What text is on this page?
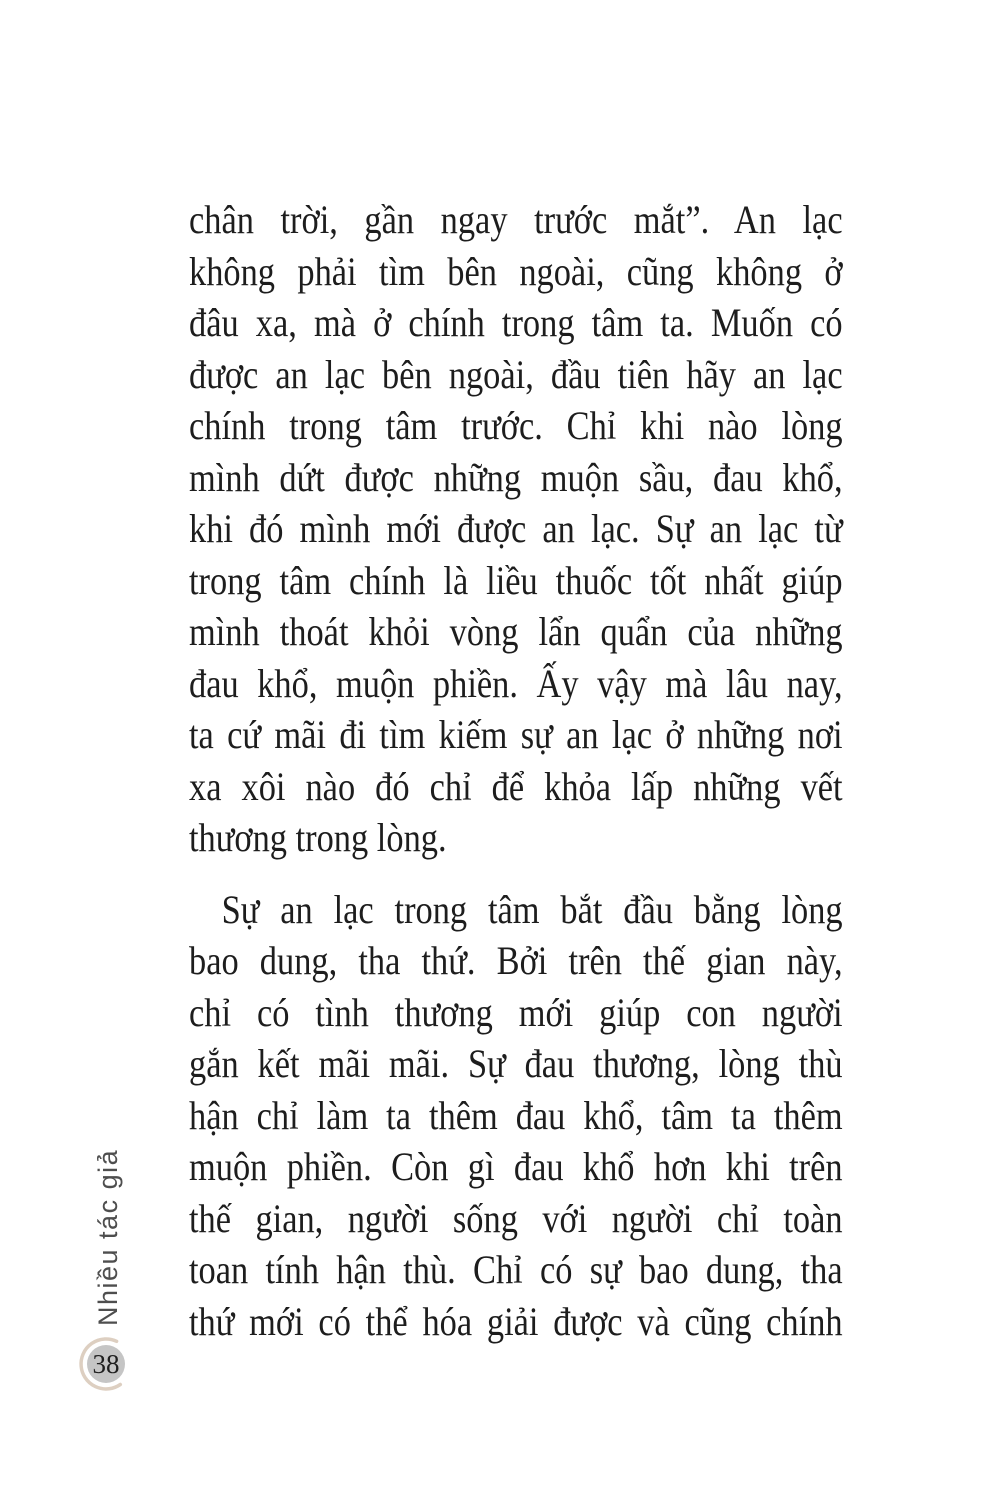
chân trời, gần ngay trước mắt”. An lạc
không phải tìm bên ngoài, cũng không ở
đâu xa, mà ở chính trong tâm ta. Muốn có
được an lạc bên ngoài, đầu tiên hãy an lạc
chính trong tâm trước. Chỉ khi nào lòng
mình dứt được những muộn sầu, đau khổ,
khi đó mình mới được an lạc. Sự an lạc từ
trong tâm chính là liều thuốc tốt nhất giúp
mình thoát khỏi vòng lẩn quẩn của những
đau khổ, muộn phiền. Ấy vậy mà lâu nay,
ta cứ mãi đi tìm kiếm sự an lạc ở những nơi
xa xôi nào đó chỉ để khỏa lấp những vết
thương trong lòng.
Sự an lạc trong tâm bắt đầu bằng lòng
bao dung, tha thứ. Bởi trên thế gian này,
chỉ có tình thương mới giúp con người
gắn kết mãi mãi. Sự đau thương, lòng thù
hận chỉ làm ta thêm đau khổ, tâm ta thêm
muộn phiền. Còn gì đau khổ hơn khi trên
thế gian, người sống với người chỉ toàn
toan tính hận thù. Chỉ có sự bao dung, tha
thứ mới có thể hóa giải được và cũng chính
Nhiều tác giả
38
